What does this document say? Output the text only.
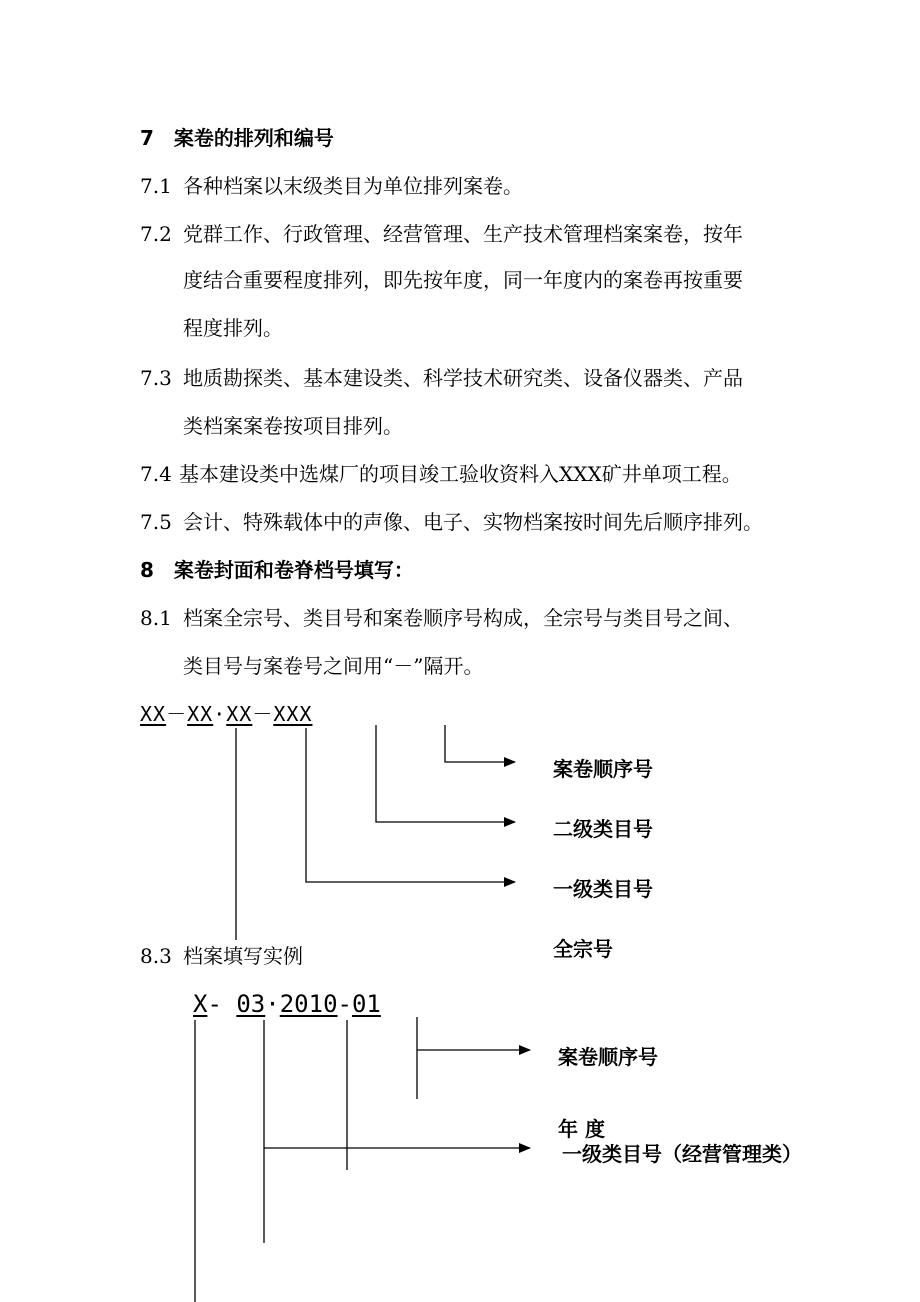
7　案卷的排列和编号
7.1 各种档案以末级类目为单位排列案卷。
7.2 党群工作、行政管理、经营管理、生产技术管理档案案卷，按年
度结合重要程度排列，即先按年度，同一年度内的案卷再按重要
程度排列。
7.3 地质勘探类、基本建设类、科学技术研究类、设备仪器类、产品
类档案案卷按项目排列。
7.4 基本建设类中选煤厂的项目竣工验收资料入XXX矿井单项工程。
7.5 会计、特殊载体中的声像、电子、实物档案按时间先后顺序排列。
8　案卷封面和卷脊档号填写：
8.1 档案全宗号、类目号和案卷顺序号构成，全宗号与类目号之间、
类目号与案卷号之间用“－”隔开。
XX－XX·XX－XXX
案卷顺序号
二级类目号
一级类目号
全宗号
8.3 档案填写实例
X- 03·2010-01
案卷顺序号
年 度
一级类目号（经营管理类）
